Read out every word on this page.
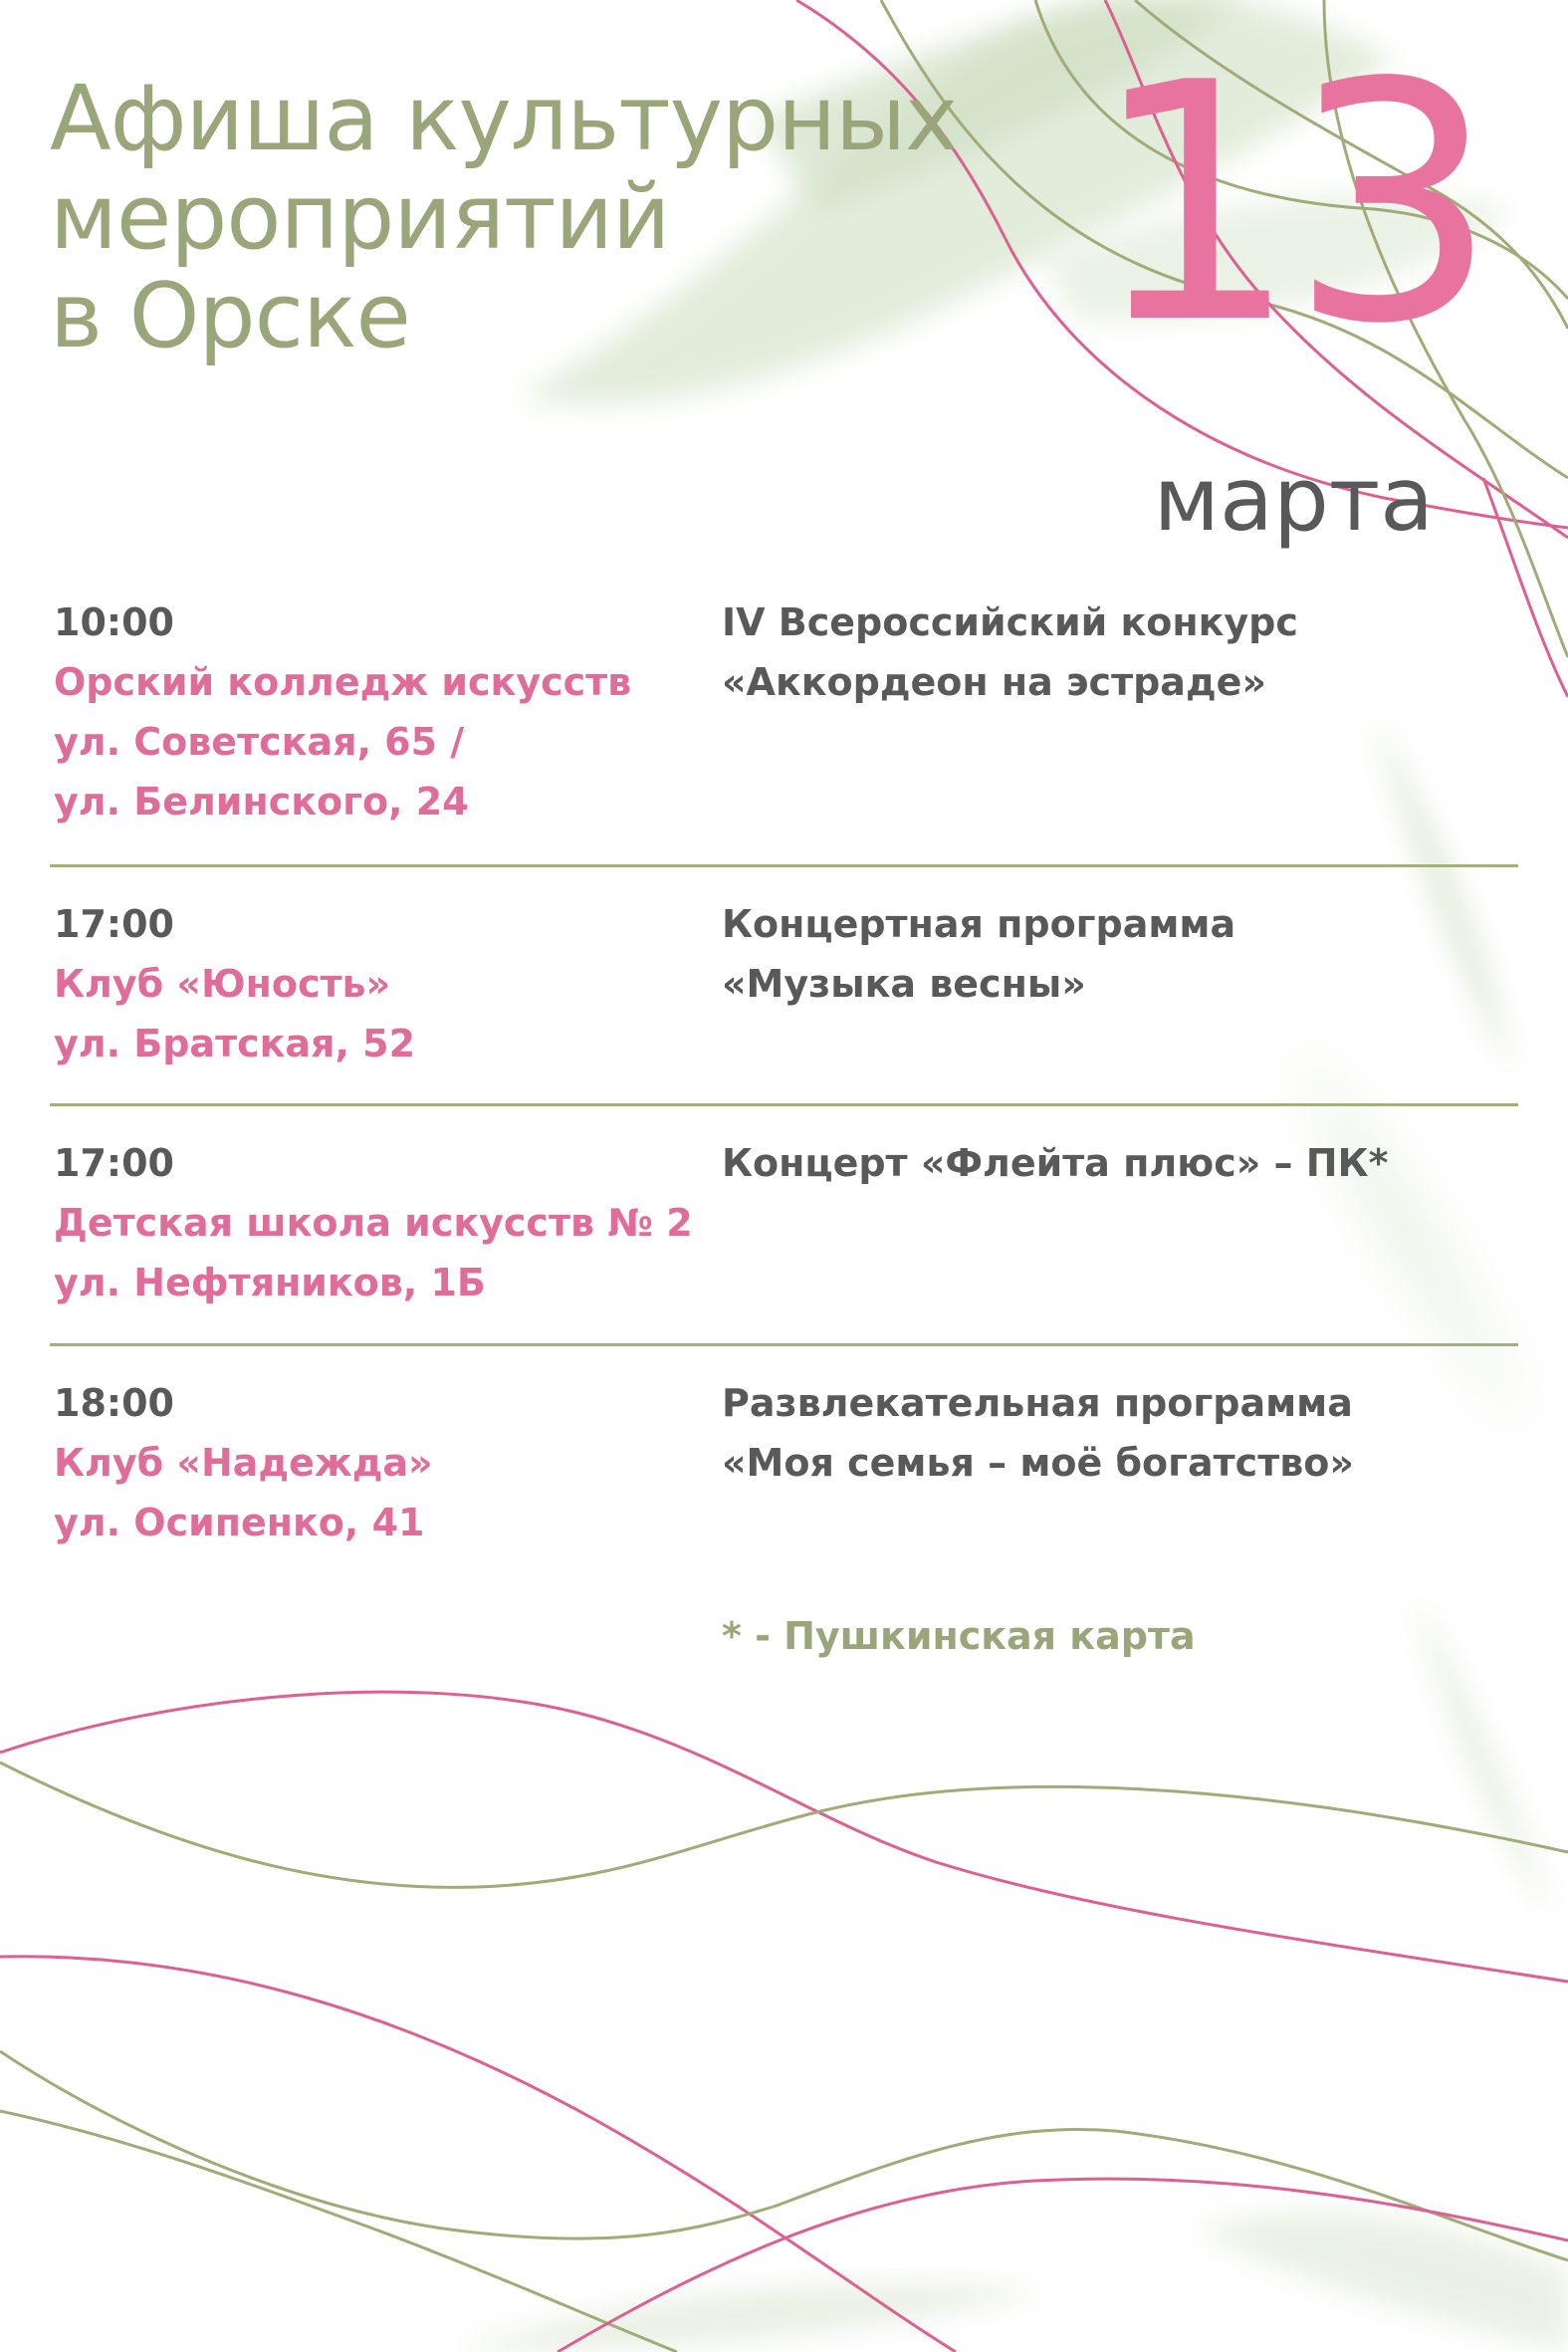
Афиша культурных
мероприятий
в Орске	13
марта
10:00
Орский колледж искусств
ул. Советская, 65 /
ул. Белинского, 24
IV Всероссийский конкурс
«Аккордеон на эстраде»
17:00
Клуб «Юность»
ул. Братская, 52
Концертная программа
«Музыка весны»
17:00
Детская школа искусств № 2
ул. Нефтяников, 1Б
Концерт «Флейта плюс» – ПК*
18:00
Клуб «Надежда»
ул. Осипенко, 41
Развлекательная программа
«Моя семья – моё богатство»
* - Пушкинская карта
